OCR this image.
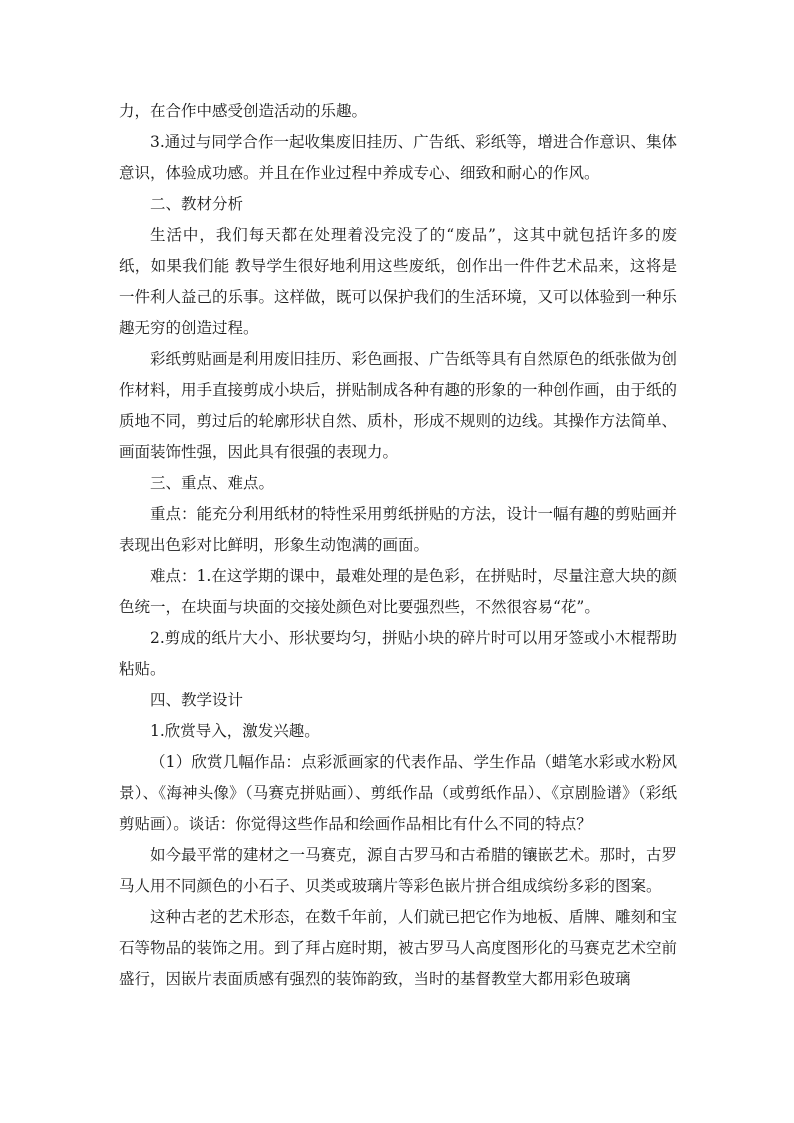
力，在合作中感受创造活动的乐趣。

3.通过与同学合作一起收集废旧挂历、广告纸、彩纸等，增进合作意识、集体意识，体验成功感。并且在作业过程中养成专心、细致和耐心的作风。

二、教材分析

生活中，我们每天都在处理着没完没了的“废品”，这其中就包括许多的废纸，如果我们能 教导学生很好地利用这些废纸，创作出一件件艺术品来，这将是一件利人益己的乐事。这样做，既可以保护我们的生活环境，又可以体验到一种乐趣无穷的创造过程。

彩纸剪贴画是利用废旧挂历、彩色画报、广告纸等具有自然原色的纸张做为创作材料，用手直接剪成小块后，拼贴制成各种有趣的形象的一种创作画，由于纸的质地不同，剪过后的轮廓形状自然、质朴，形成不规则的边线。其操作方法简单、画面装饰性强，因此具有很强的表现力。

三、重点、难点。

重点：能充分利用纸材的特性采用剪纸拼贴的方法，设计一幅有趣的剪贴画并表现出色彩对比鲜明，形象生动饱满的画面。

难点：1.在这学期的课中，最难处理的是色彩，在拼贴时，尽量注意大块的颜色统一，在块面与块面的交接处颜色对比要强烈些，不然很容易“花”。

2.剪成的纸片大小、形状要均匀，拼贴小块的碎片时可以用牙签或小木棍帮助粘贴。

四、教学设计

1.欣赏导入，激发兴趣。

（1）欣赏几幅作品：点彩派画家的代表作品、学生作品（蜡笔水彩或水粉风景）、《海神头像》（马赛克拼贴画）、剪纸作品（或剪纸作品）、《京剧脸谱》（彩纸剪贴画）。谈话：你觉得这些作品和绘画作品相比有什么不同的特点？

如今最平常的建材之一马赛克，源自古罗马和古希腊的镶嵌艺术。那时，古罗马人用不同颜色的小石子、贝类或玻璃片等彩色嵌片拼合组成缤纷多彩的图案。

这种古老的艺术形态，在数千年前，人们就已把它作为地板、盾牌、雕刻和宝石等物品的装饰之用。到了拜占庭时期，被古罗马人高度图形化的马赛克艺术空前盛行，因嵌片表面质感有强烈的装饰韵致，当时的基督教堂大都用彩色玻璃
